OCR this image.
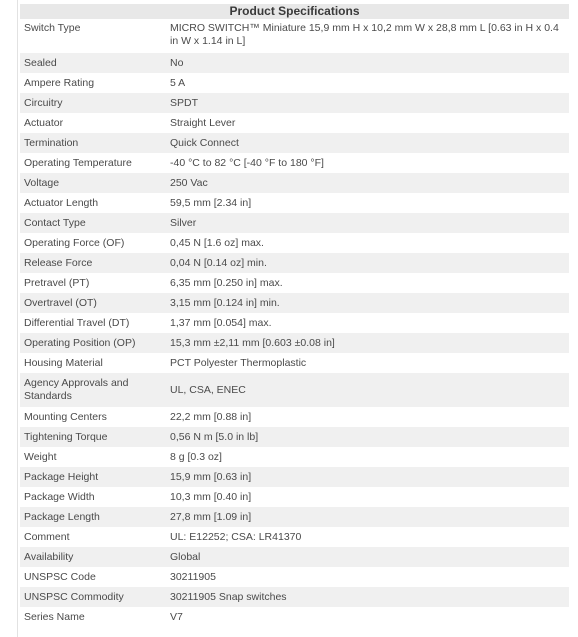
Product Specifications
Switch Type	MICRO SWITCH™ Miniature 15,9 mm H x 10,2 mm W x 28,8 mm L [0.63 in H x 0.4 in W x 1.14 in L]
Sealed	No
Ampere Rating	5 A
Circuitry	SPDT
Actuator	Straight Lever
Termination	Quick Connect
Operating Temperature	-40 °C to 82 °C [-40 °F to 180 °F]
Voltage	250 Vac
Actuator Length	59,5 mm [2.34 in]
Contact Type	Silver
Operating Force (OF)	0,45 N [1.6 oz] max.
Release Force	0,04 N [0.14 oz] min.
Pretravel (PT)	6,35 mm [0.250 in] max.
Overtravel (OT)	3,15 mm [0.124 in] min.
Differential Travel (DT)	1,37 mm [0.054] max.
Operating Position (OP)	15,3 mm ±2,11 mm [0.603 ±0.08 in]
Housing Material	PCT Polyester Thermoplastic
Agency Approvals and Standards	UL, CSA, ENEC
Mounting Centers	22,2 mm [0.88 in]
Tightening Torque	0,56 N m [5.0 in lb]
Weight	8 g [0.3 oz]
Package Height	15,9 mm [0.63 in]
Package Width	10,3 mm [0.40 in]
Package Length	27,8 mm [1.09 in]
Comment	UL: E12252; CSA: LR41370
Availability	Global
UNSPSC Code	30211905
UNSPSC Commodity	30211905 Snap switches
Series Name	V7
